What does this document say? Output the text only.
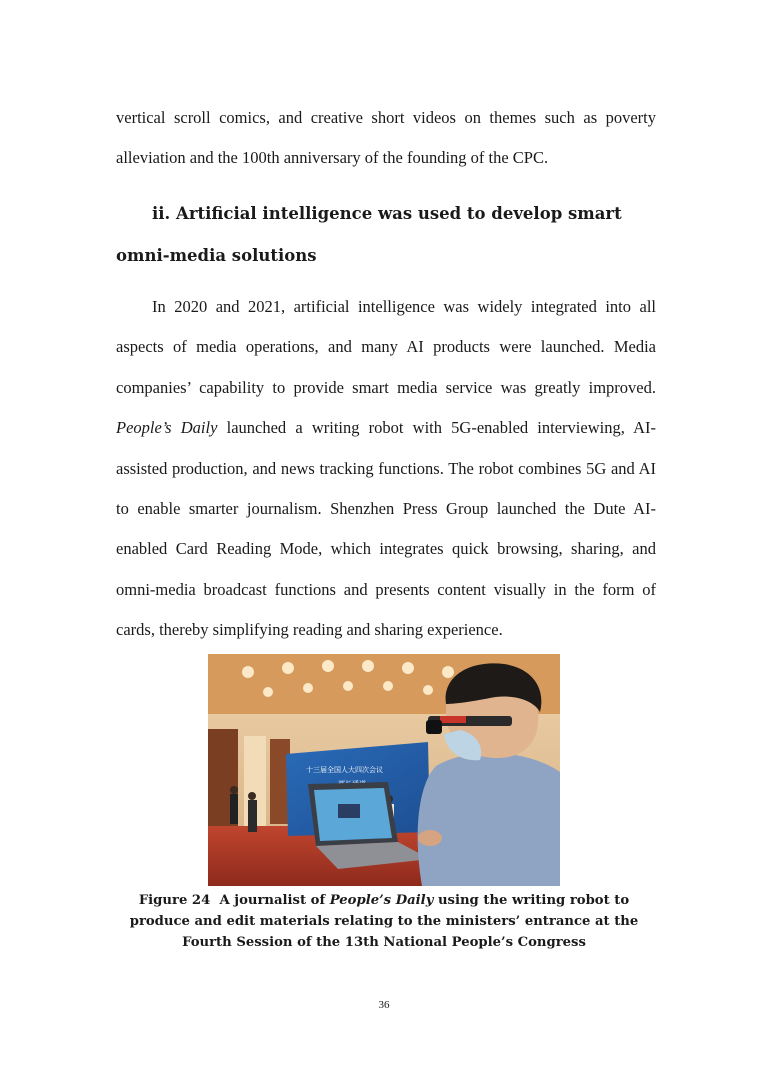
vertical scroll comics, and creative short videos on themes such as poverty alleviation and the 100th anniversary of the founding of the CPC.

ii. Artificial intelligence was used to develop smart omni-media solutions

In 2020 and 2021, artificial intelligence was widely integrated into all aspects of media operations, and many AI products were launched. Media companies’ capability to provide smart media service was greatly improved. People’s Daily launched a writing robot with 5G-enabled interviewing, AI-assisted production, and news tracking functions. The robot combines 5G and AI to enable smarter journalism. Shenzhen Press Group launched the Dute AI-enabled Card Reading Mode, which integrates quick browsing, sharing, and omni-media broadcast functions and presents content visually in the form of cards, thereby simplifying reading and sharing experience.

十三届全国人大四次会议

Figure 24 A journalist of People’s Daily using the writing robot to produce and edit materials relating to the ministers’ entrance at the Fourth Session of the 13th National People’s Congress

36
